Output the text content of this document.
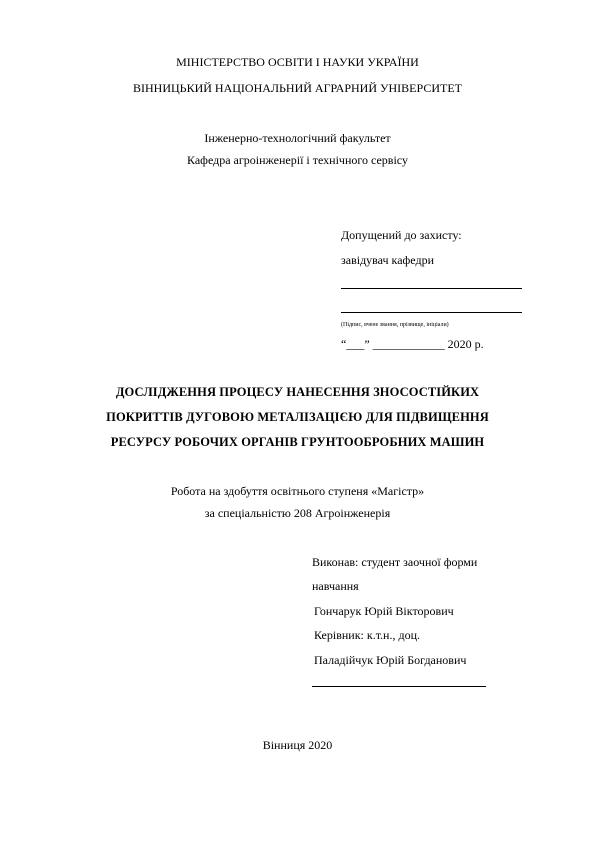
МІНІСТЕРСТВО ОСВІТИ І НАУКИ УКРАЇНИ
ВІННИЦЬКИЙ НАЦІОНАЛЬНИЙ АГРАРНИЙ УНІВЕРСИТЕТ
Інженерно-технологічний факультет
Кафедра агроінженерії і технічного сервісу
Допущений до захисту:
завідувач кафедри
(Підпис, вчене звання, прізвище, ініціали)
“___” ____________ 2020 р.
ДОСЛІДЖЕННЯ ПРОЦЕСУ НАНЕСЕННЯ ЗНОСОСТІЙКИХ
ПОКРИТТІВ ДУГОВОЮ МЕТАЛІЗАЦІЄЮ ДЛЯ ПІДВИЩЕННЯ
РЕСУРСУ РОБОЧИХ ОРГАНІВ ГРУНТООБРОБНИХ МАШИН
Робота на здобуття освітнього ступеня «Магістр»
за спеціальністю 208 Агроінженерія
Виконав: студент заочної форми
навчання
Гончарук Юрій Вікторович
Керівник: к.т.н., доц.
Паладійчук Юрій Богданович
Вінниця 2020
